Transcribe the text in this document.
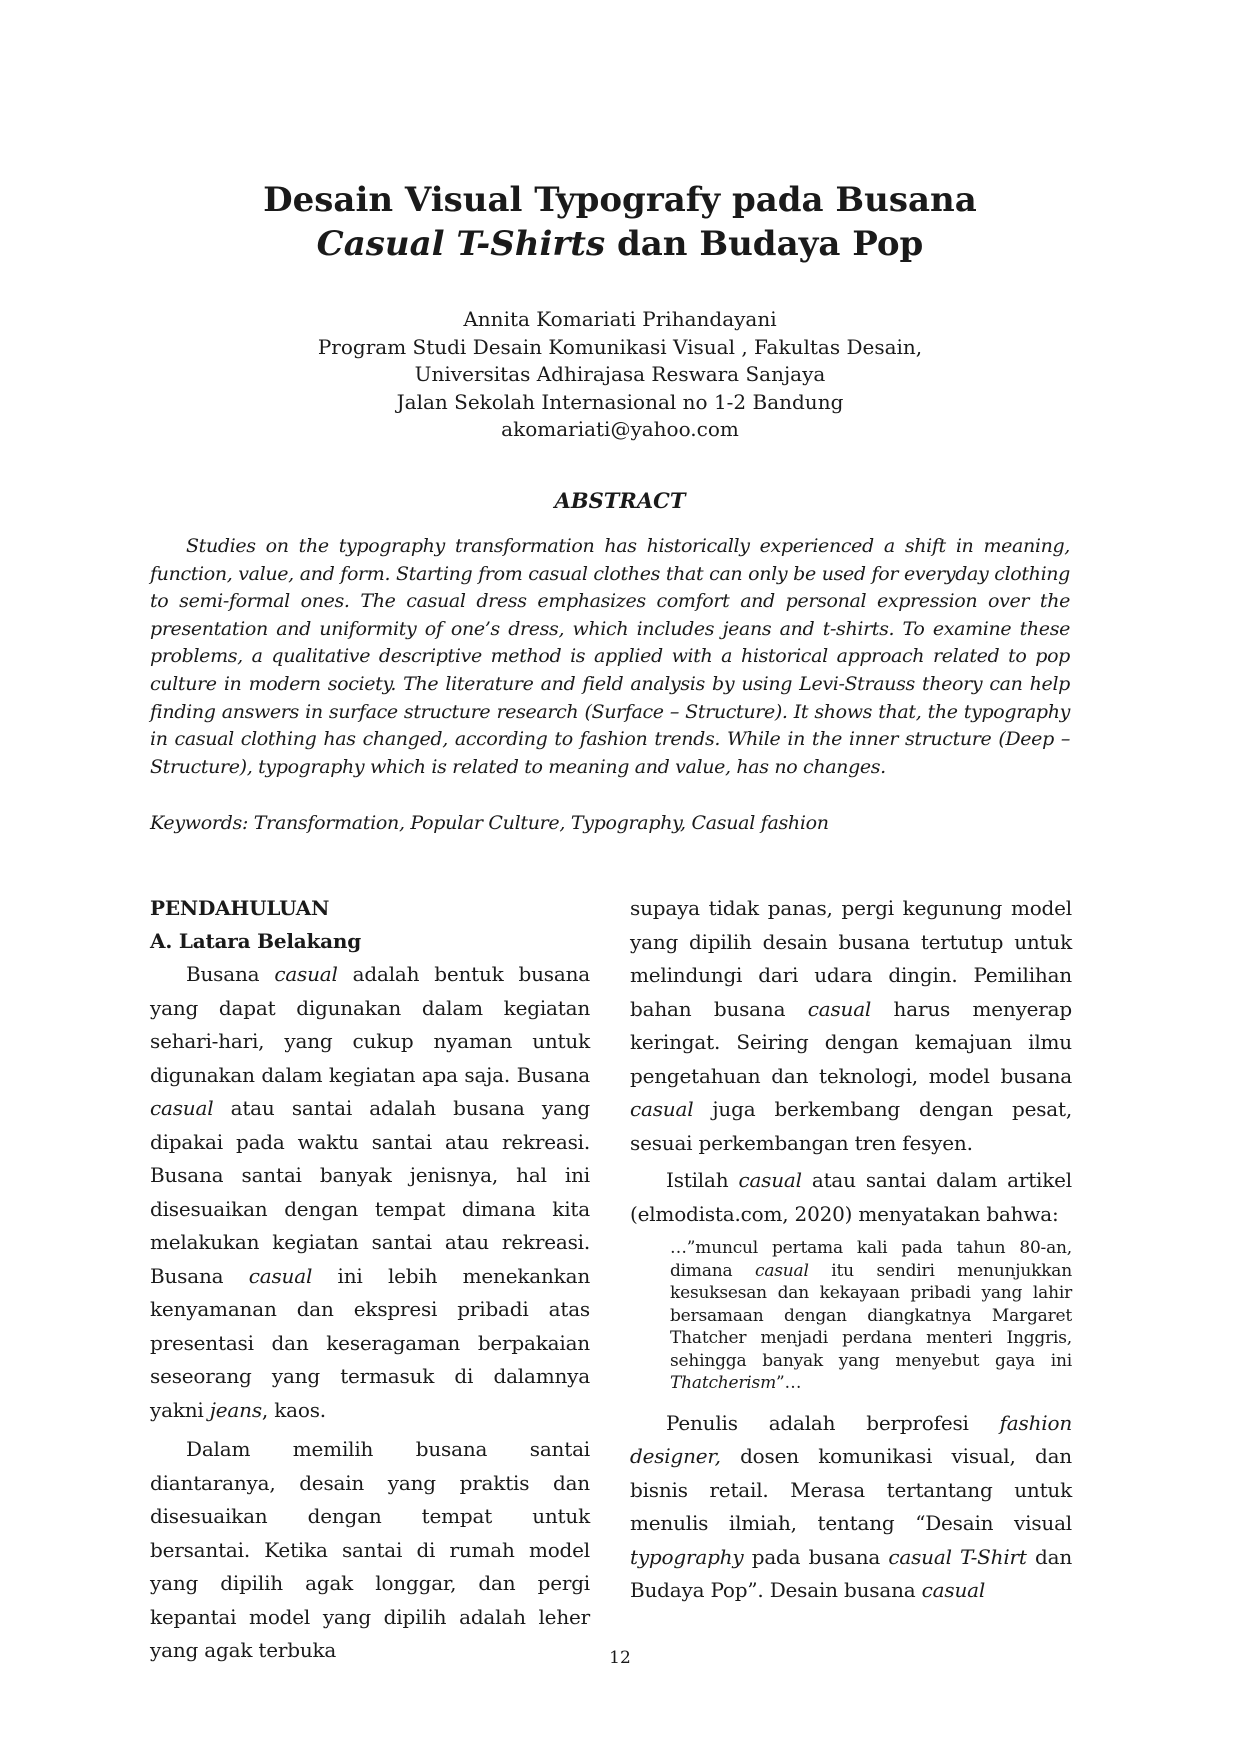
Desain Visual Typografy pada Busana
Casual T-Shirts dan Budaya Pop
Annita Komariati Prihandayani
Program Studi Desain Komunikasi Visual , Fakultas Desain,
Universitas Adhirajasa Reswara Sanjaya
Jalan Sekolah Internasional no 1-2 Bandung
akomariati@yahoo.com
ABSTRACT

Studies on the typography transformation has historically experienced a shift in meaning, function, value, and form. Starting from casual clothes that can only be used for everyday clothing to semi-formal ones. The casual dress emphasizes comfort and personal expression over the presentation and uniformity of one’s dress, which includes jeans and t-shirts. To examine these problems, a qualitative descriptive method is applied with a historical approach related to pop culture in modern society. The literature and field analysis by using Levi-Strauss theory can help finding answers in surface structure research (Surface – Structure). It shows that, the typography in casual clothing has changed, according to fashion trends. While in the inner structure (Deep – Structure), typography which is related to meaning and value, has no changes.

Keywords: Transformation, Popular Culture, Typography, Casual fashion
PENDAHULUAN
A. Latara Belakang

Busana casual adalah bentuk busana yang dapat digunakan dalam kegiatan sehari-hari, yang cukup nyaman untuk digunakan dalam kegiatan apa saja. Busana casual atau santai adalah busana yang dipakai pada waktu santai atau rekreasi. Busana santai banyak jenisnya, hal ini disesuaikan dengan tempat dimana kita melakukan kegiatan santai atau rekreasi. Busana casual ini lebih menekankan kenyamanan dan ekspresi pribadi atas presentasi dan keseragaman berpakaian seseorang yang termasuk di dalamnya yakni jeans, kaos.

Dalam memilih busana santai diantaranya, desain yang praktis dan disesuaikan dengan tempat untuk bersantai. Ketika santai di rumah model yang dipilih agak longgar, dan pergi kepantai model yang dipilih adalah leher yang agak terbuka

supaya tidak panas, pergi kegunung model yang dipilih desain busana tertutup untuk melindungi dari udara dingin. Pemilihan bahan busana casual harus menyerap keringat. Seiring dengan kemajuan ilmu pengetahuan dan teknologi, model busana casual juga berkembang dengan pesat, sesuai perkembangan tren fesyen.

Istilah casual atau santai dalam artikel (elmodista.com, 2020) menyatakan bahwa:

…”muncul pertama kali pada tahun 80-an, dimana casual itu sendiri menunjukkan kesuksesan dan kekayaan pribadi yang lahir bersamaan dengan diangkatnya Margaret Thatcher menjadi perdana menteri Inggris, sehingga banyak yang menyebut gaya ini Thatcherism”…

Penulis adalah berprofesi fashion designer, dosen komunikasi visual, dan bisnis retail. Merasa tertantang untuk menulis ilmiah, tentang “Desain visual typography pada busana casual T-Shirt dan Budaya Pop”. Desain busana casual

12
